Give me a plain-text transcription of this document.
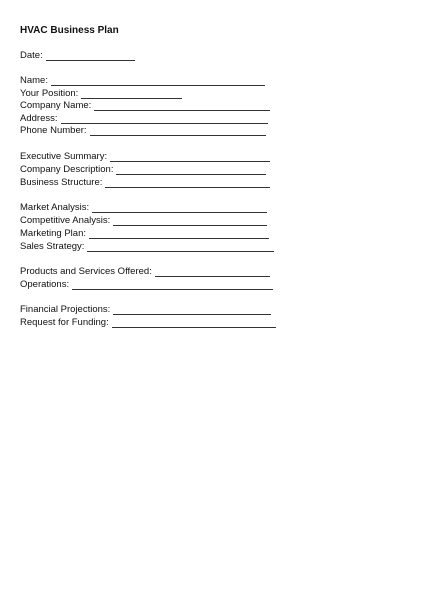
HVAC Business Plan
Date:
Name:
Your Position:
Company Name:
Address:
Phone Number:
Executive Summary:
Company Description:
Business Structure:
Market Analysis:
Competitive Analysis:
Marketing Plan:
Sales Strategy:
Products and Services Offered:
Operations:
Financial Projections:
Request for Funding:
